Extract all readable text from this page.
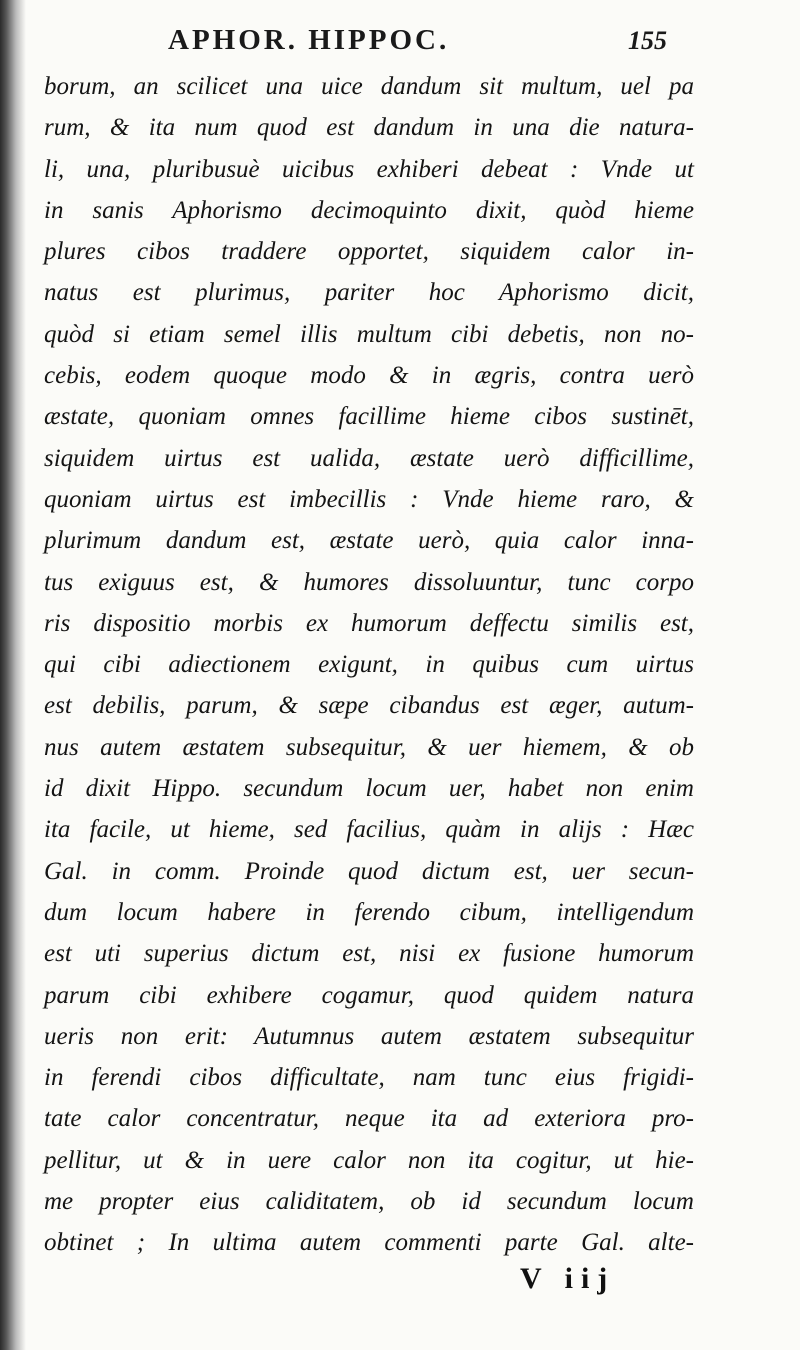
APHOR. HIPPOC.	155
borum, an scilicet una uice dandum sit multum, uel pa
rum, & ita num quod est dandum in una die natura-
li, una, pluribusuè uicibus exhiberi debeat : Vnde ut
in sanis Aphorismo decimoquinto dixit, quòd hieme
plures cibos traddere opportet, siquidem calor in-
natus est plurimus, pariter hoc Aphorismo dicit,
quòd si etiam semel illis multum cibi debetis, non no-
cebis, eodem quoque modo & in ægris, contra uerò
æstate, quoniam omnes facillime hieme cibos sustinēt,
siquidem uirtus est ualida, æstate uerò difficillime,
quoniam uirtus est imbecillis : Vnde hieme raro, &
plurimum dandum est, æstate uerò, quia calor inna-
tus exiguus est, & humores dissoluuntur, tunc corpo
ris dispositio morbis ex humorum deffectu similis est,
qui cibi adiectionem exigunt, in quibus cum uirtus
est debilis, parum, & sæpe cibandus est æger, autum-
nus autem æstatem subsequitur, & uer hiemem, & ob
id dixit Hippo. secundum locum uer, habet non enim
ita facile, ut hieme, sed facilius, quàm in alijs : Hæc
Gal. in comm. Proinde quod dictum est, uer secun-
dum locum habere in ferendo cibum, intelligendum
est uti superius dictum est, nisi ex fusione humorum
parum cibi exhibere cogamur, quod quidem natura
ueris non erit: Autumnus autem æstatem subsequitur
in ferendi cibos difficultate, nam tunc eius frigidi-
tate calor concentratur, neque ita ad exteriora pro-
pellitur, ut & in uere calor non ita cogitur, ut hie-
me propter eius caliditatem, ob id secundum locum
obtinet ; In ultima autem commenti parte Gal. alte-
V iij
